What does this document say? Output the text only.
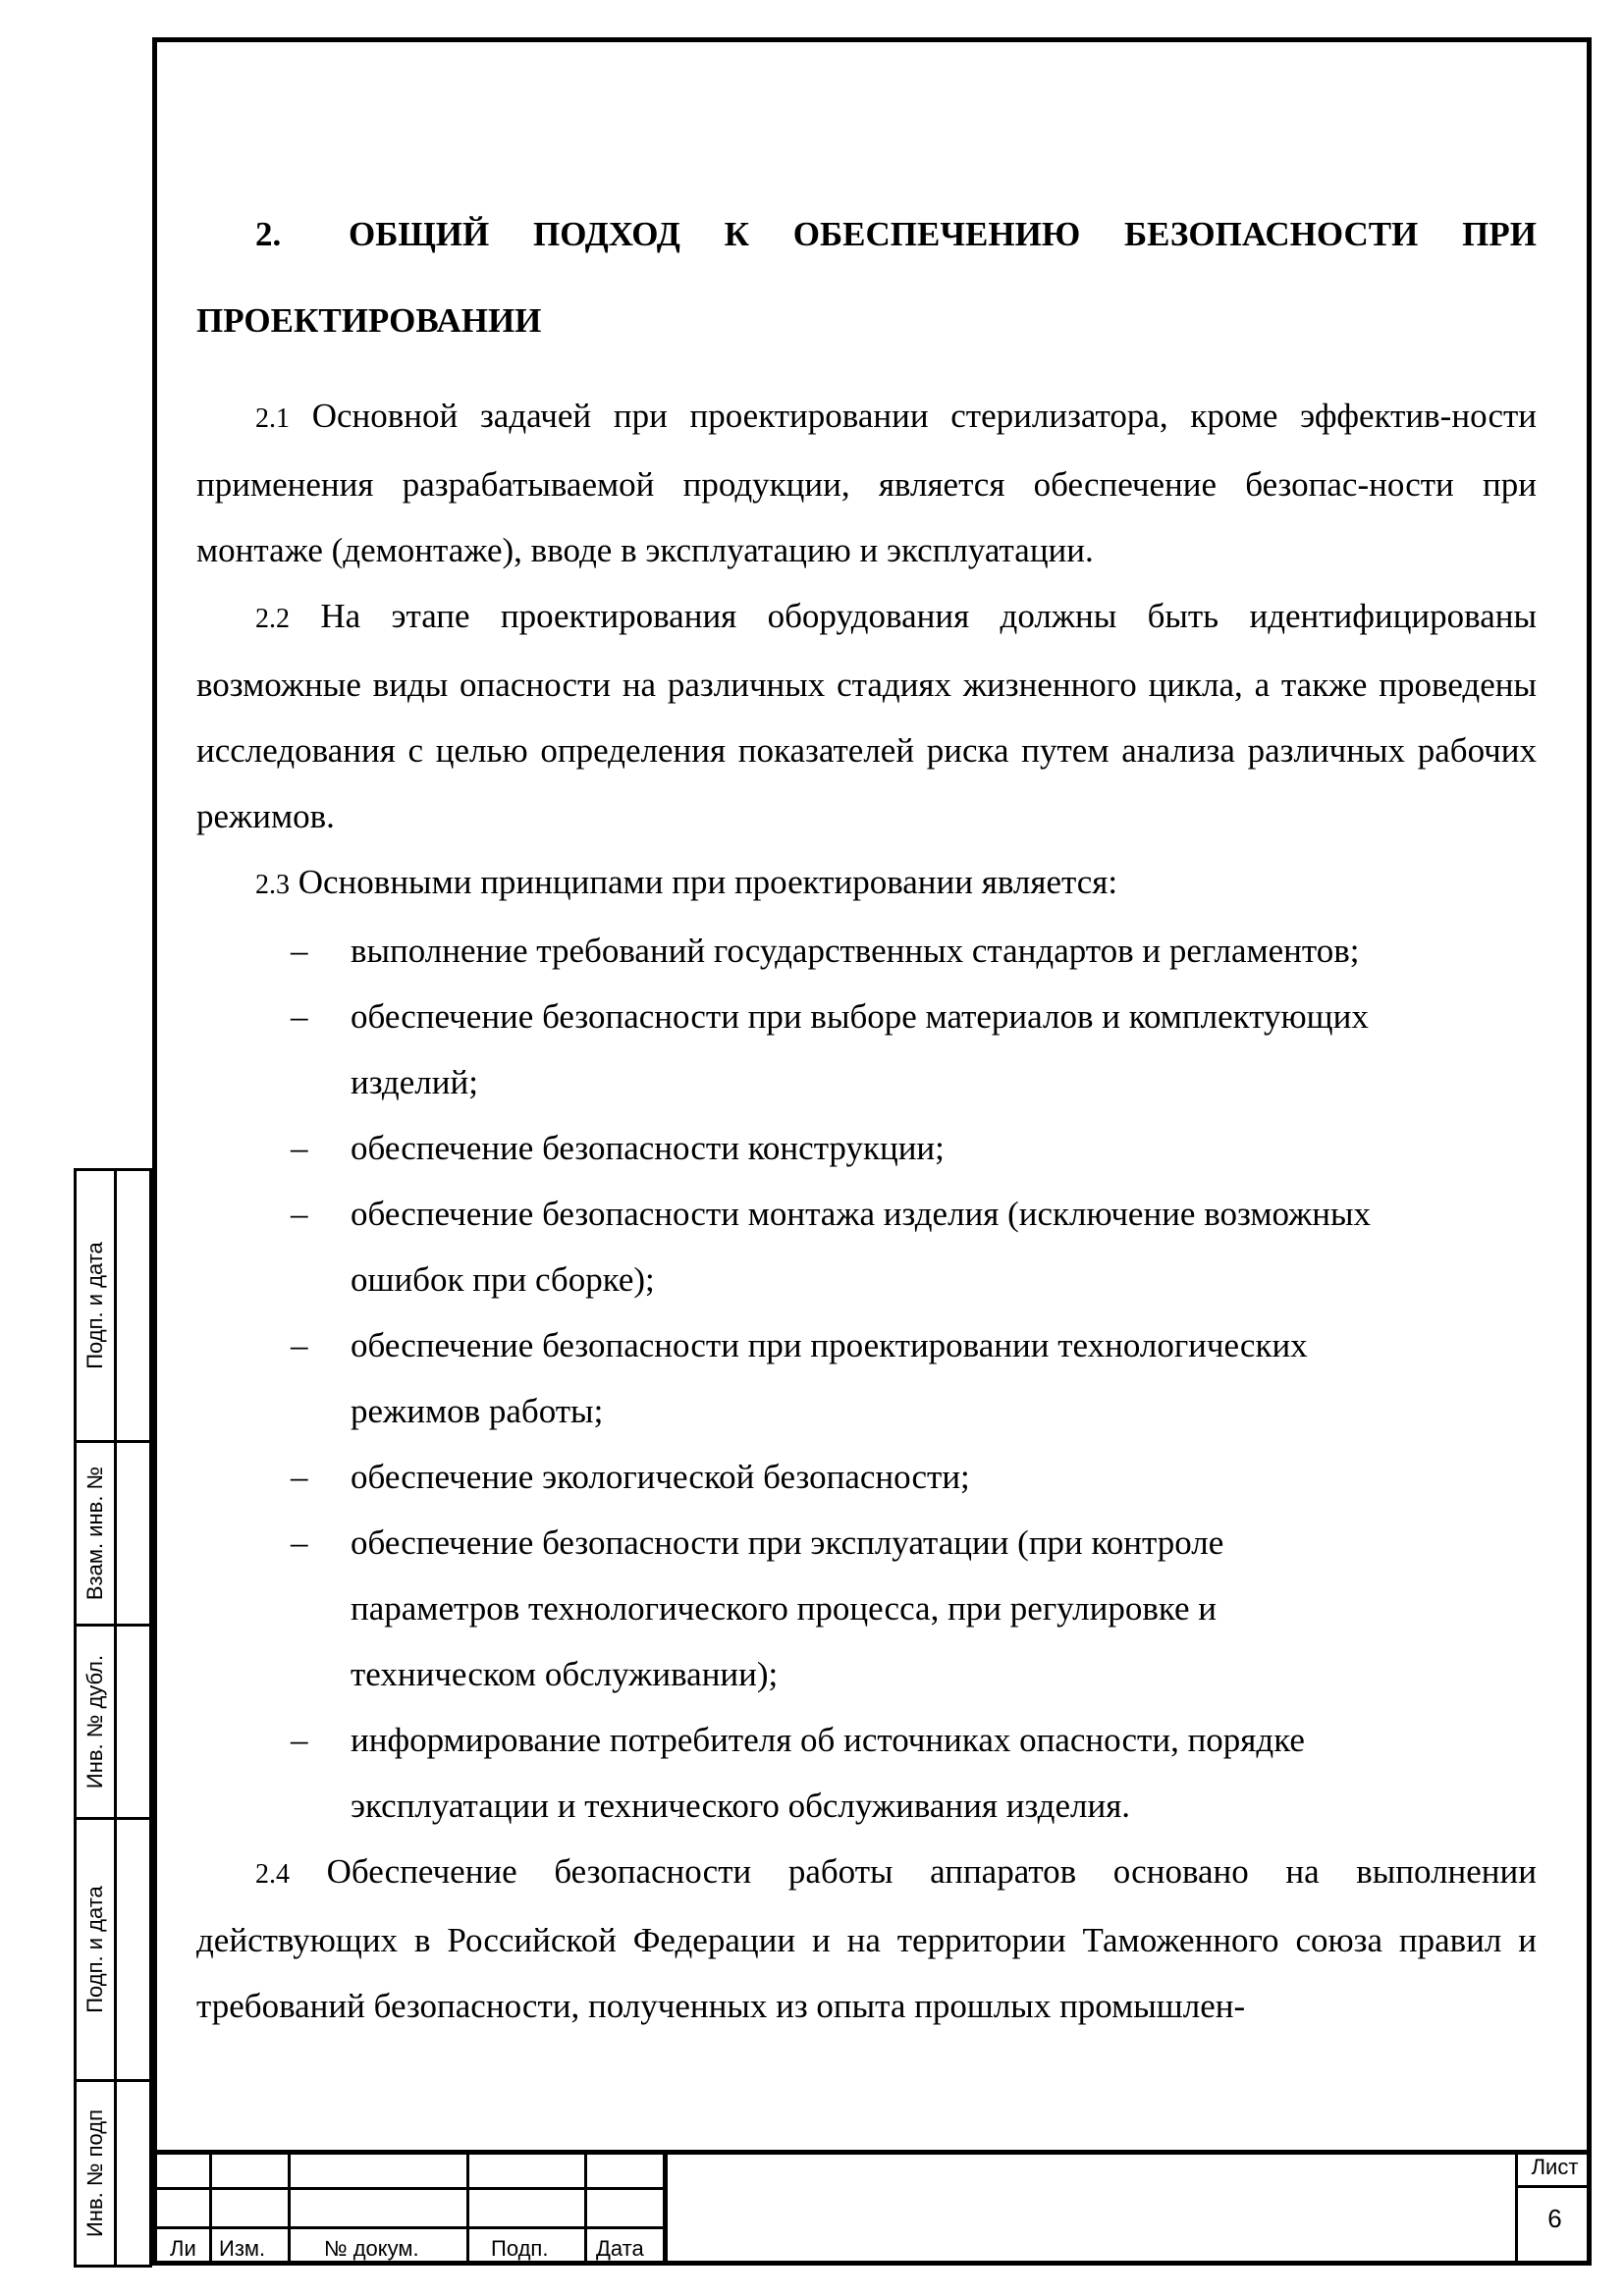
2.	ОБЩИЙ ПОДХОД К ОБЕСПЕЧЕНИЮ БЕЗОПАСНОСТИ ПРИ
ПРОЕКТИРОВАНИИ

2.1 Основной задачей при проектировании стерилизатора, кроме эффектив-ности применения разрабатываемой продукции, является обеспечение безопас-ности при монтаже (демонтаже), вводе в эксплуатацию и эксплуатации.

2.2 На этапе проектирования оборудования должны быть идентифицированы возможные виды опасности на различных стадиях жизненного цикла, а также проведены исследования с целью определения показателей риска путем анализа различных рабочих режимов.

2.3 Основными принципами при проектировании является:

– выполнение требований государственных стандартов и регламентов;
– обеспечение безопасности при выборе материалов и комплектующих изделий;
– обеспечение безопасности конструкции;
– обеспечение безопасности монтажа изделия (исключение возможных ошибок при сборке);
– обеспечение безопасности при проектировании технологических режимов работы;
– обеспечение экологической безопасности;
– обеспечение безопасности при эксплуатации (при контроле параметров технологического процесса, при регулировке и техническом обслуживании);
– информирование потребителя об источниках опасности, порядке эксплуатации и технического обслуживания изделия.

2.4 Обеспечение безопасности работы аппаратов основано на выполнении действующих в Российской Федерации и на территории Таможенного союза правил и требований безопасности, полученных из опыта прошлых промышлен-

Подп. и дата
Взам. инв. №
Инв. № дубл.
Подп. и дата
Инв. № подп
Ли Изм.	№ докум.	Подп. Дата
Лист
6
